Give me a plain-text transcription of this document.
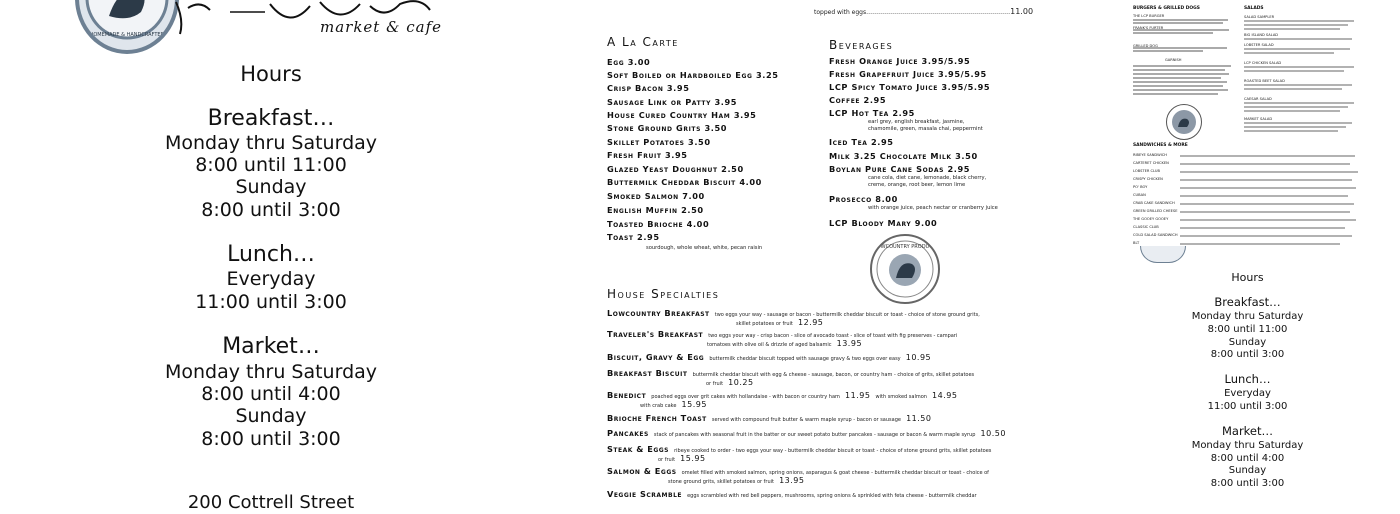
HOMEMADE & HANDCRAFTED	market & cafe
Hours
Breakfast…
Monday thru Saturday
8:00 until 11:00
Sunday
8:00 until 3:00
Lunch…
Everyday
11:00 until 3:00
Market…
Monday thru Saturday
8:00 until 4:00
Sunday
8:00 until 3:00
200 Cottrell Street
topped with eggs………………………………………………………………11.00
A La Carte
Egg 3.00
Soft Boiled or Hardboiled Egg 3.25
Crisp Bacon 3.95
Sausage Link or Patty 3.95
House Cured Country Ham 3.95
Stone Ground Grits 3.50
Skillet Potatoes 3.50
Fresh Fruit 3.95
Glazed Yeast Doughnut 2.50
Buttermilk Cheddar Biscuit 4.00
Smoked Salmon 7.00
English Muffin 2.50
Toasted Brioche 4.00
Toast 2.95
sourdough, whole wheat, white, pecan raisin
Beverages
Fresh Orange Juice 3.95/5.95
Fresh Grapefruit Juice 3.95/5.95
LCP Spicy Tomato Juice 3.95/5.95
Coffee 2.95
LCP Hot Tea 2.95
earl grey, english breakfast, jasmine,
chamomile, green, masala chai, peppermint
Iced Tea 2.95
Milk 3.25 Chocolate Milk 3.50
Boylan Pure Cane Sodas 2.95
cane cola, diet cane, lemonade, black cherry,
creme, orange, root beer, lemon lime
Prosecco 8.00
with orange juice, peach nectar or cranberry juice
LCP Bloody Mary 9.00
LOWCOUNTRY PRODUCE
House Specialties
Lowcountry Breakfast two eggs your way - sausage or bacon - buttermilk cheddar biscuit or toast - choice of stone ground grits,
skillet potatoes or fruit 12.95
Traveler's Breakfast two eggs your way - crisp bacon - slice of avocado toast - slice of toast with fig preserves - campari
tomatoes with olive oil & drizzle of aged balsamic 13.95
Biscuit, Gravy & Egg buttermilk cheddar biscuit topped with sausage gravy & two eggs over easy 10.95
Breakfast Biscuit buttermilk cheddar biscuit with egg & cheese - sausage, bacon, or country ham - choice of grits, skillet potatoes
or fruit 10.25
Benedict poached eggs over grit cakes with hollandaise - with bacon or country ham 11.95 with smoked salmon 14.95
with crab cake 15.95
Brioche French Toast served with compound fruit butter & warm maple syrup - bacon or sausage 11.50
Pancakes stack of pancakes with seasonal fruit in the batter or our sweet potato butter pancakes - sausage or bacon & warm maple syrup 10.50
Steak & Eggs ribeye cooked to order - two eggs your way - buttermilk cheddar biscuit or toast - choice of stone ground grits, skillet potatoes
or fruit 15.95
Salmon & Eggs omelet filled with smoked salmon, spring onions, asparagus & goat cheese - buttermilk cheddar biscuit or toast - choice of
stone ground grits, skillet potatoes or fruit 13.95
Veggie Scramble eggs scrambled with red bell peppers, mushrooms, spring onions & sprinkled with feta cheese - buttermilk cheddar
BURGERS & GRILLED DOGS
THE LCP BURGER
FRANK'S FURTER
GRILLED DOG
GARNISH
SANDWICHES & MORE
RIBEYE SANDWICH
CARTERET CHICKEN
LOBSTER CLUB
CRISPY CHICKEN
PO' BOY
CUBAN
CRAB CAKE SANDWICH
GREEN GRILLED CHEESE
THE GOOEY GOOEY
CLASSIC CLUB
COLD SALAD SANDWICH
BLT
SALADS
SALAD SAMPLER
BIG ISLAND SALAD
LOBSTER SALAD
LCP CHICKEN SALAD
ROASTED BEET SALAD
CAESAR SALAD
MARKET SALAD
Hours
Breakfast…
Monday thru Saturday
8:00 until 11:00
Sunday
8:00 until 3:00
Lunch…
Everyday
11:00 until 3:00
Market…
Monday thru Saturday
8:00 until 4:00
Sunday
8:00 until 3:00
